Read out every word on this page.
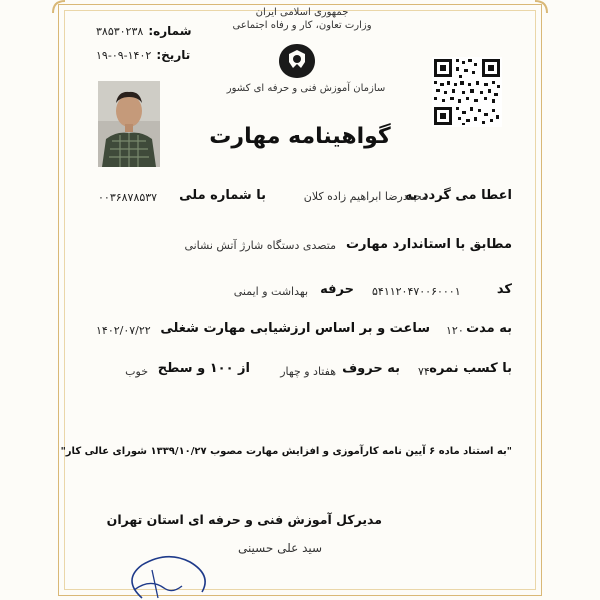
جمهوری اسلامی ایران
وزارت تعاون، کار و رفاه اجتماعی
سازمان آموزش فنی و حرفه ای کشور
شماره: ۳۸۵۳۰۲۳۸
تاریخ: ۱۴۰۲-۰۹-۱۹
گواهینامه مهارت
اعطا می گردد به
محمدرضا ابراهیم زاده کلان
با شماره ملی
۰۰۳۶۸۷۸۵۳۷
مطابق با استاندارد مهارت
متصدی دستگاه شارژ آتش نشانی
کد
۵۴۱۱۲۰۴۷۰۰۶۰۰۰۱
حرفه
بهداشت و ایمنی
به مدت
۱۲۰
ساعت و بر اساس ارزشیابی مهارت شغلی
۱۴۰۲/۰۷/۲۲
با کسب نمره
۷۴
به حروف
هفتاد و چهار
از ۱۰۰ و سطح
خوب
"به استناد ماده ۶ آیین نامه کارآموزی و افزایش مهارت مصوب ۱۳۳۹/۱۰/۲۷ شورای عالی کار"
مدیرکل آموزش فنی و حرفه ای استان تهران
سید علی حسینی
